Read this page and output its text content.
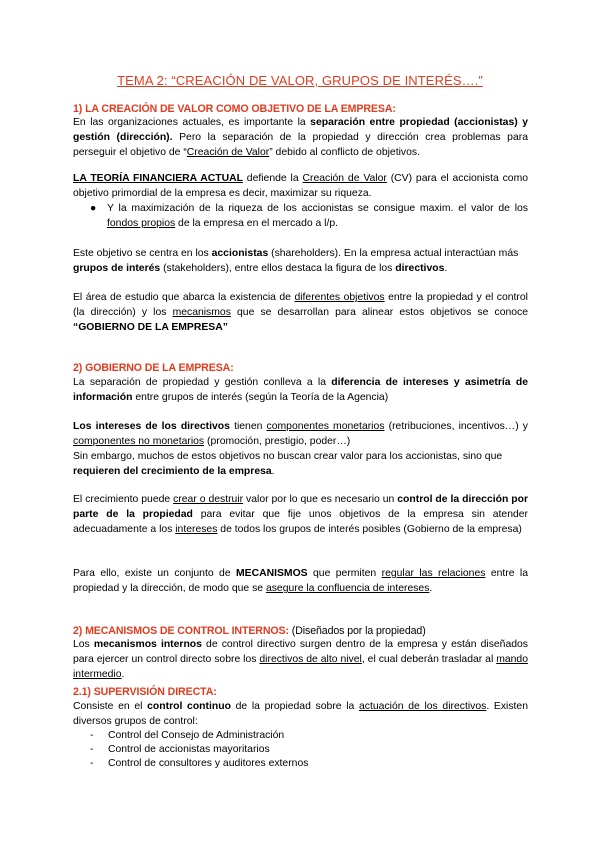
TEMA 2: “CREACIÓN DE VALOR, GRUPOS DE INTERÉS….”
1) LA CREACIÓN DE VALOR COMO OBJETIVO DE LA EMPRESA:
En las organizaciones actuales, es importante la separación entre propiedad (accionistas) y gestión (dirección). Pero la separación de la propiedad y dirección crea problemas para perseguir el objetivo de “Creación de Valor” debido al conflicto de objetivos.
LA TEORÍA FINANCIERA ACTUAL defiende la Creación de Valor (CV) para el accionista como objetivo primordial de la empresa es decir, maximizar su riqueza.
● Y la maximización de la riqueza de los accionistas se consigue maxim. el valor de los fondos propios de la empresa en el mercado a l/p.
Este objetivo se centra en los accionistas (shareholders). En la empresa actual interactúan más grupos de interés (stakeholders), entre ellos destaca la figura de los directivos.
El área de estudio que abarca la existencia de diferentes objetivos entre la propiedad y el control (la dirección) y los mecanismos que se desarrollan para alinear estos objetivos se conoce “GOBIERNO DE LA EMPRESA”
2) GOBIERNO DE LA EMPRESA:
La separación de propiedad y gestión conlleva a la diferencia de intereses y asimetría de información entre grupos de interés (según la Teoría de la Agencia)
Los intereses de los directivos tienen componentes monetarios (retribuciones, incentivos…) y componentes no monetarios (promoción, prestigio, poder…)
Sin embargo, muchos de estos objetivos no buscan crear valor para los accionistas, sino que requieren del crecimiento de la empresa.
El crecimiento puede crear o destruir valor por lo que es necesario un control de la dirección por parte de la propiedad para evitar que fije unos objetivos de la empresa sin atender adecuadamente a los intereses de todos los grupos de interés posibles (Gobierno de la empresa)
Para ello, existe un conjunto de MECANISMOS que permiten regular las relaciones entre la propiedad y la dirección, de modo que se asegure la confluencia de intereses.
2) MECANISMOS DE CONTROL INTERNOS: (Diseñados por la propiedad)
Los mecanismos internos de control directivo surgen dentro de la empresa y están diseñados para ejercer un control directo sobre los directivos de alto nivel, el cual deberán trasladar al mando intermedio.
2.1) SUPERVISIÓN DIRECTA:
Consiste en el control continuo de la propiedad sobre la actuación de los directivos. Existen diversos grupos de control:
- Control del Consejo de Administración
- Control de accionistas mayoritarios
- Control de consultores y auditores externos
